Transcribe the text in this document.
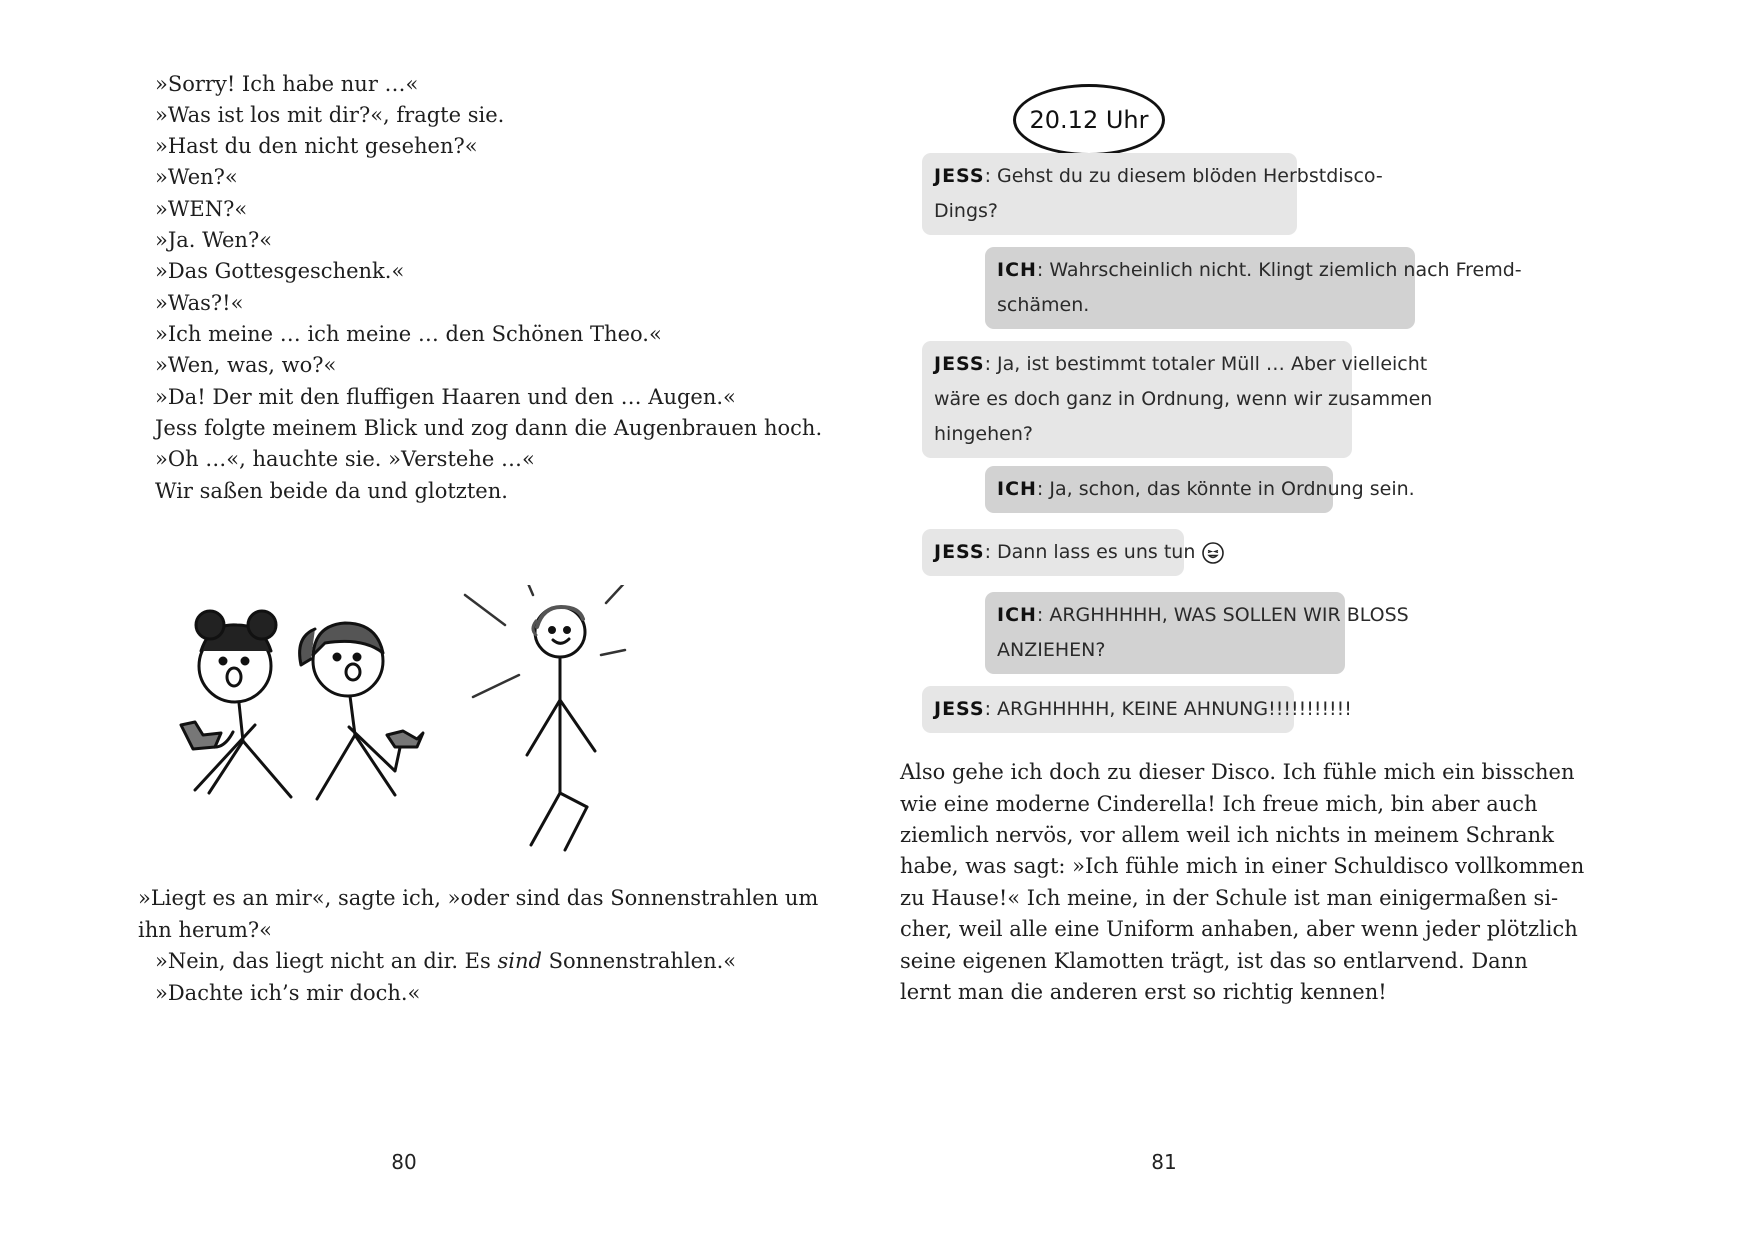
»Sorry! Ich habe nur …«
»Was ist los mit dir?«, fragte sie.
»Hast du den nicht gesehen?«
»Wen?«
»WEN?«
»Ja. Wen?«
»Das Gottesgeschenk.«
»Was?!«
»Ich meine … ich meine … den Schönen Theo.«
»Wen, was, wo?«
»Da! Der mit den fluffigen Haaren und den … Augen.«
Jess folgte meinem Blick und zog dann die Augenbrauen hoch.
»Oh …«, hauchte sie. »Verstehe …«
Wir saßen beide da und glotzten.
»Liegt es an mir«, sagte ich, »oder sind das Sonnenstrahlen um
ihn herum?«
»Nein, das liegt nicht an dir. Es sind Sonnenstrahlen.«
»Dachte ich’s mir doch.«
80
20.12 Uhr
JESS: Gehst du zu diesem blöden Herbstdisco-
Dings?
ICH: Wahrscheinlich nicht. Klingt ziemlich nach Fremd-
schämen.
JESS: Ja, ist bestimmt totaler Müll … Aber vielleicht
wäre es doch ganz in Ordnung, wenn wir zusammen
hingehen?
ICH: Ja, schon, das könnte in Ordnung sein.
JESS: Dann lass es uns tun
ICH: ARGHHHHH, WAS SOLLEN WIR BLOSS
ANZIEHEN?
JESS: ARGHHHHH, KEINE AHNUNG!!!!!!!!!!!
Also gehe ich doch zu dieser Disco. Ich fühle mich ein bisschen
wie eine moderne Cinderella! Ich freue mich, bin aber auch
ziemlich nervös, vor allem weil ich nichts in meinem Schrank
habe, was sagt: »Ich fühle mich in einer Schuldisco vollkommen
zu Hause!« Ich meine, in der Schule ist man einigermaßen si-
cher, weil alle eine Uniform anhaben, aber wenn jeder plötzlich
seine eigenen Klamotten trägt, ist das so entlarvend. Dann
lernt man die anderen erst so richtig kennen!
81
